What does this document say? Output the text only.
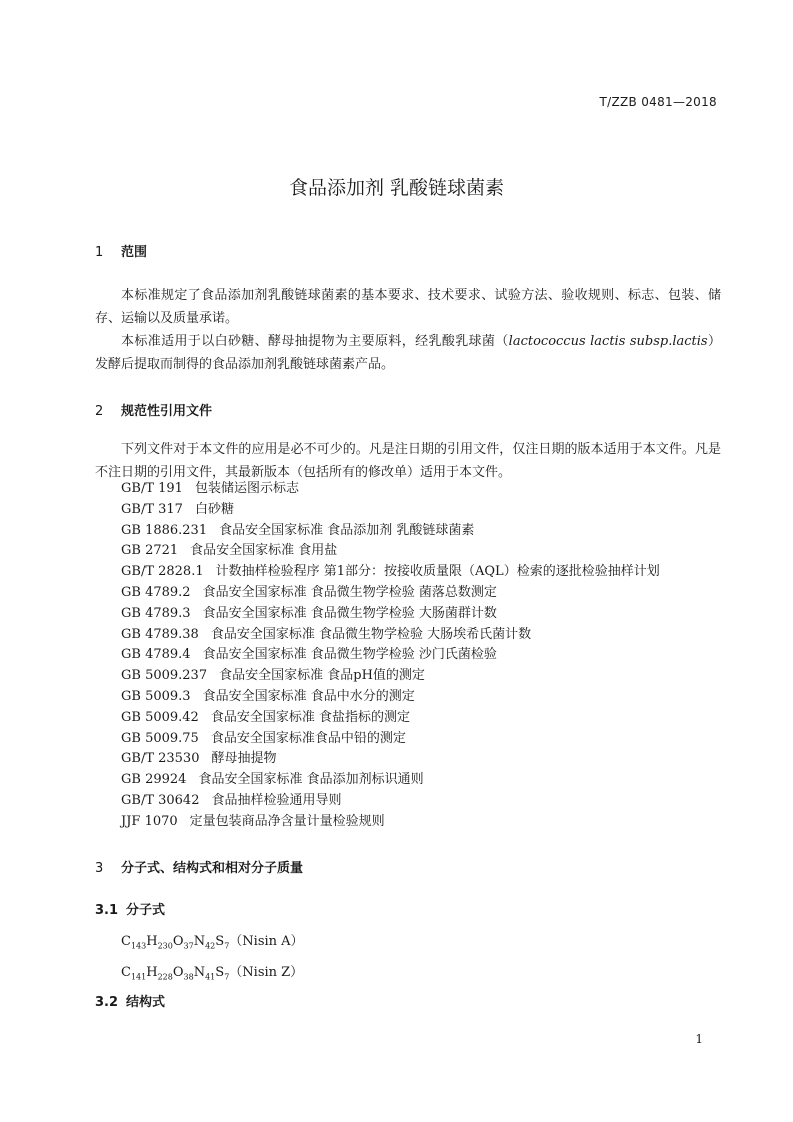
T/ZZB 0481—2018
食品添加剂 乳酸链球菌素
1 范围
本标准规定了食品添加剂乳酸链球菌素的基本要求、技术要求、试验方法、验收规则、标志、包装、储存、运输以及质量承诺。
本标准适用于以白砂糖、酵母抽提物为主要原料，经乳酸乳球菌（lactococcus lactis subsp.lactis）发酵后提取而制得的食品添加剂乳酸链球菌素产品。
2 规范性引用文件
下列文件对于本文件的应用是必不可少的。凡是注日期的引用文件，仅注日期的版本适用于本文件。凡是不注日期的引用文件，其最新版本（包括所有的修改单）适用于本文件。
GB/T 191 包装储运图示标志
GB/T 317 白砂糖
GB 1886.231 食品安全国家标准 食品添加剂 乳酸链球菌素
GB 2721 食品安全国家标准 食用盐
GB/T 2828.1 计数抽样检验程序 第1部分：按接收质量限（AQL）检索的逐批检验抽样计划
GB 4789.2 食品安全国家标准 食品微生物学检验 菌落总数测定
GB 4789.3 食品安全国家标准 食品微生物学检验 大肠菌群计数
GB 4789.38 食品安全国家标准 食品微生物学检验 大肠埃希氏菌计数
GB 4789.4 食品安全国家标准 食品微生物学检验 沙门氏菌检验
GB 5009.237 食品安全国家标准 食品pH值的测定
GB 5009.3 食品安全国家标准 食品中水分的测定
GB 5009.42 食品安全国家标准 食盐指标的测定
GB 5009.75 食品安全国家标准食品中铅的测定
GB/T 23530 酵母抽提物
GB 29924 食品安全国家标准 食品添加剂标识通则
GB/T 30642 食品抽样检验通用导则
JJF 1070 定量包装商品净含量计量检验规则
3 分子式、结构式和相对分子质量
3.1 分子式
$C_{143}H_{230}O_{37}N_{42}S_7(Nisin$ A）
$C_{141}H_{228}O_{38}N_{41}S_7(Nisin$ Z）
3.2 结构式
1
